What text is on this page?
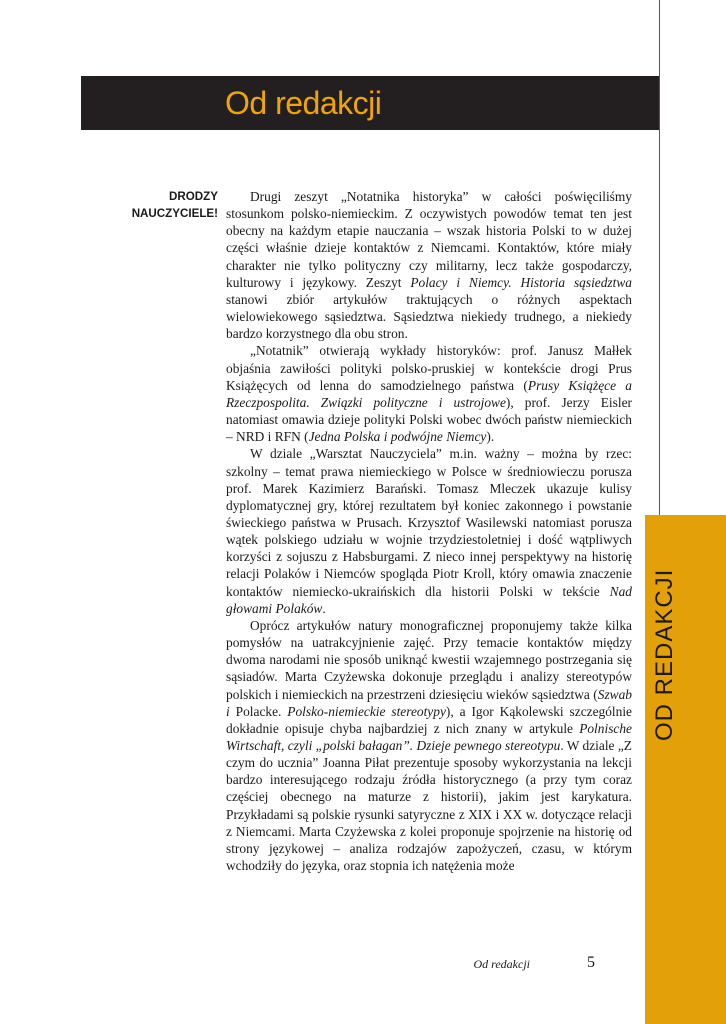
Od redakcji
DRODZY
NAUCZYCIELE!

Drugi zeszyt „Notatnika historyka” w całości poświęciliśmy stosunkom polsko-niemieckim. Z oczywistych powodów temat ten jest obecny na każdym etapie nauczania – wszak historia Polski to w dużej części właśnie dzieje kontaktów z Niemcami. Kontaktów, które miały charakter nie tylko polityczny czy militarny, lecz także gospodarczy, kulturowy i językowy. Zeszyt Polacy i Niemcy. Historia sąsiedztwa stanowi zbiór artykułów traktujących o różnych aspektach wielowiekowego sąsiedztwa. Sąsiedztwa niekiedy trudnego, a niekiedy bardzo korzystnego dla obu stron.

„Notatnik” otwierają wykłady historyków: prof. Janusz Małłek objaśnia zawiłości polityki polsko-pruskiej w kontekście drogi Prus Książęcych od lenna do samodzielnego państwa (Prusy Książęce a Rzeczpospolita. Związki polityczne i ustrojowe), prof. Jerzy Eisler natomiast omawia dzieje polityki Polski wobec dwóch państw niemieckich – NRD i RFN (Jedna Polska i podwójne Niemcy).

W dziale „Warsztat Nauczyciela” m.in. ważny – można by rzec: szkolny – temat prawa niemieckiego w Polsce w średniowieczu porusza prof. Marek Kazimierz Barański. Tomasz Mleczek ukazuje kulisy dyplomatycznej gry, której rezultatem był koniec zakonnego i powstanie świeckiego państwa w Prusach. Krzysztof Wasilewski natomiast porusza wątek polskiego udziału w wojnie trzydziestoletniej i dość wątpliwych korzyści z sojuszu z Habsburgami. Z nieco innej perspektywy na historię relacji Polaków i Niemców spogląda Piotr Kroll, który omawia znaczenie kontaktów niemiecko-ukraińskich dla historii Polski w tekście Nad głowami Polaków.

Oprócz artykułów natury monograficznej proponujemy także kilka pomysłów na uatrakcyjnienie zajęć. Przy temacie kontaktów między dwoma narodami nie sposób uniknąć kwestii wzajemnego postrzegania się sąsiadów. Marta Czyżewska dokonuje przeglądu i analizy stereotypów polskich i niemieckich na przestrzeni dziesięciu wieków sąsiedztwa (Szwab i Polacke. Polsko-niemieckie stereotypy), a Igor Kąkolewski szczególnie dokładnie opisuje chyba najbardziej z nich znany w artykule Polnische Wirtschaft, czyli „polski bałagan”. Dzieje pewnego stereotypu. W dziale „Z czym do ucznia” Joanna Piłat prezentuje sposoby wykorzystania na lekcji bardzo interesującego rodzaju źródła historycznego (a przy tym coraz częściej obecnego na maturze z historii), jakim jest karykatura. Przykładami są polskie rysunki satyryczne z XIX i XX w. dotyczące relacji z Niemcami. Marta Czyżewska z kolei proponuje spojrzenie na historię od strony językowej – analiza rodzajów zapożyczeń, czasu, w którym wchodziły do języka, oraz stopnia ich natężenia może

OD REDAKCJI
Od redakcji	5
